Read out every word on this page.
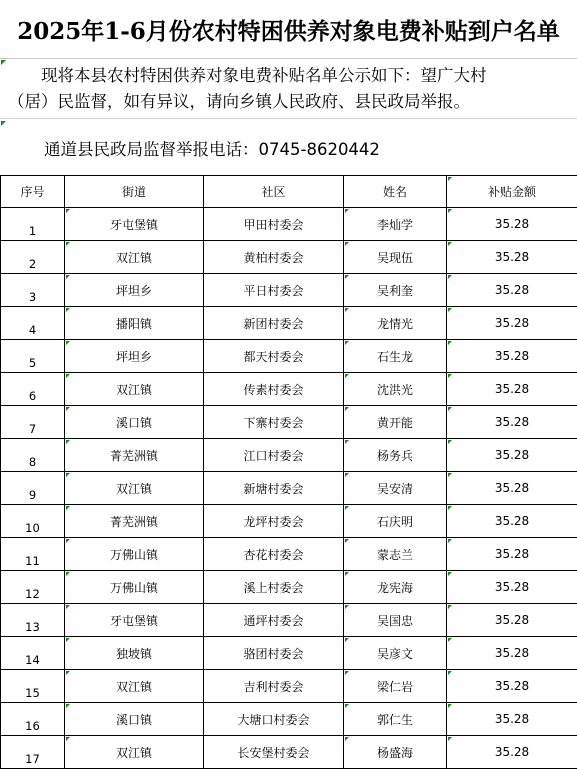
2025年1-6月份农村特困供养对象电费补贴到户名单
现将本县农村特困供养对象电费补贴名单公示如下：望广大村
（居）民监督，如有异议，请向乡镇人民政府、县民政局举报。
通道县民政局监督举报电话：0745-8620442
序号	街道	社区	姓名	补贴金额

1	牙屯堡镇	甲田村委会	李灿学	35.28

2	双江镇	黄柏村委会	吴现伍	35.28

3	坪坦乡	平日村委会	吴利奎	35.28

4	播阳镇	新团村委会	龙情光	35.28

5	坪坦乡	都天村委会	石生龙	35.28

6	双江镇	传素村委会	沈洪光	35.28

7	溪口镇	下寨村委会	黄开能	35.28

8	菁芜洲镇	江口村委会	杨务兵	35.28

9	双江镇	新塘村委会	吴安清	35.28

10	菁芜洲镇	龙坪村委会	石庆明	35.28

11	万佛山镇	杏花村委会	蒙志兰	35.28

12	万佛山镇	溪上村委会	龙宪海	35.28

13	牙屯堡镇	通坪村委会	吴国忠	35.28

14	独坡镇	骆团村委会	吴彦文	35.28

15	双江镇	吉利村委会	梁仁岩	35.28

16	溪口镇	大塘口村委会	郭仁生	35.28

17	双江镇	长安堡村委会	杨盛海	35.28
